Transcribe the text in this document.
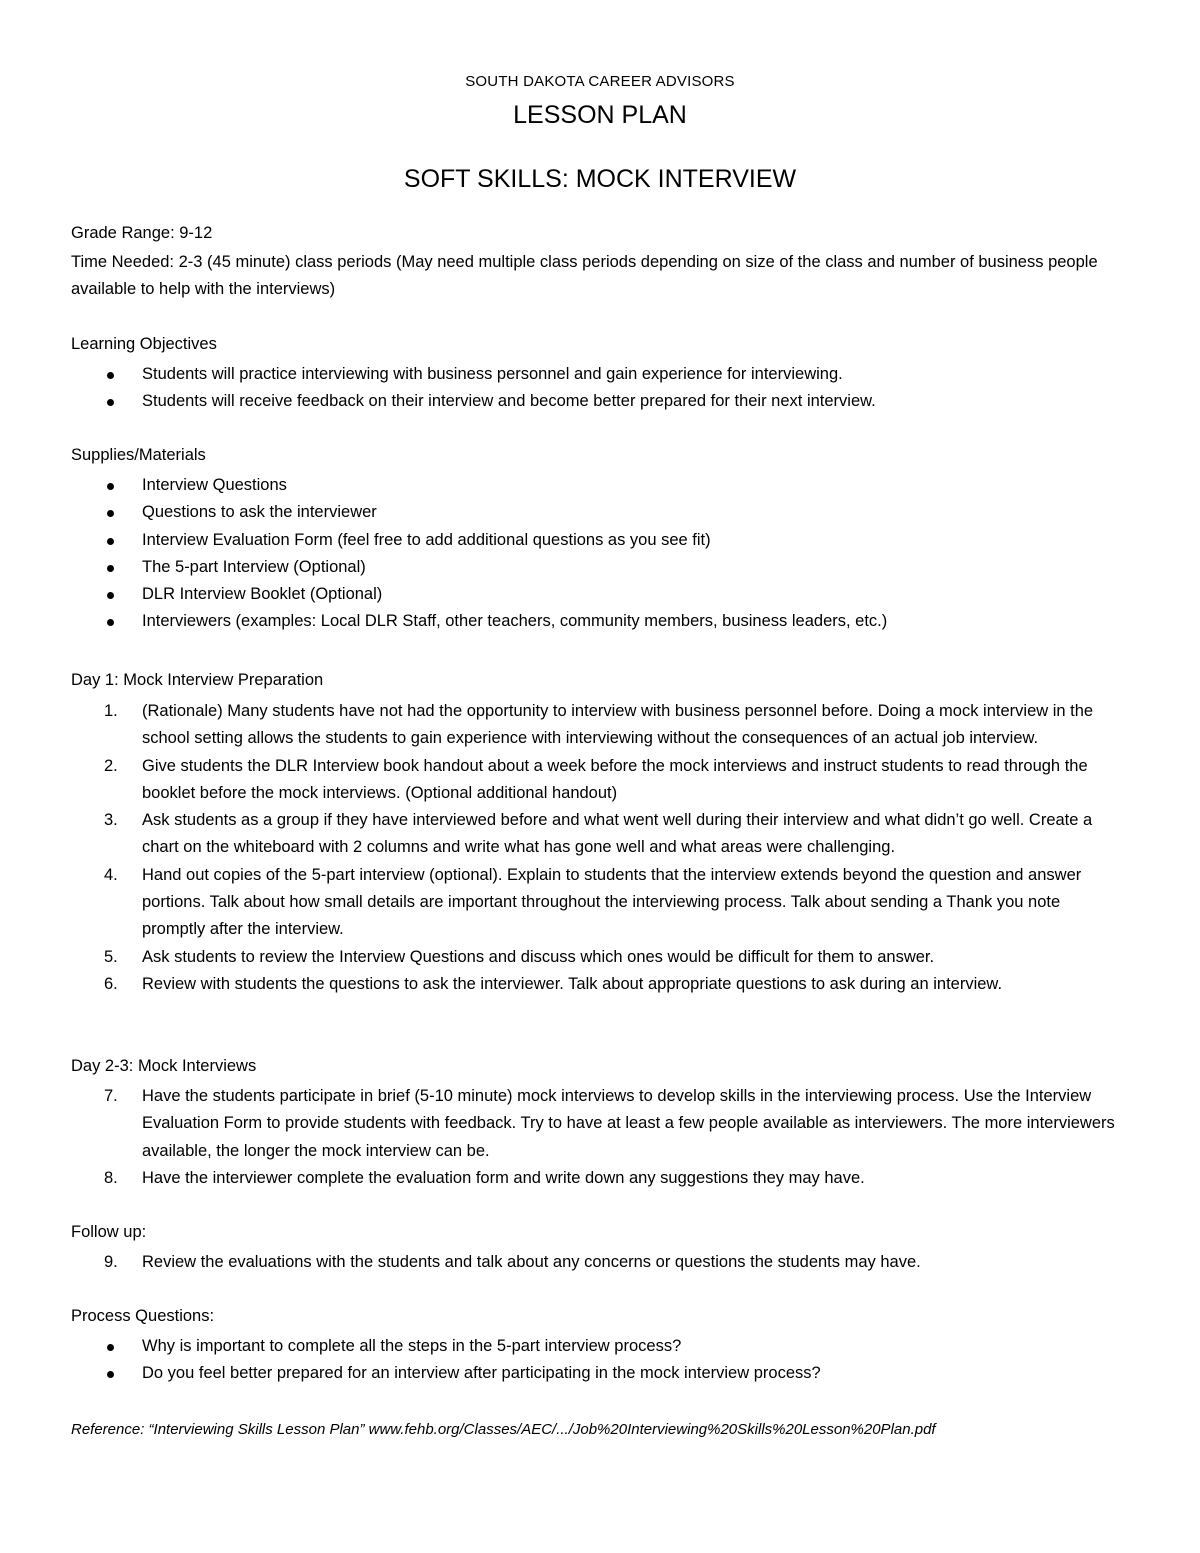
SOUTH DAKOTA CAREER ADVISORS
LESSON PLAN
SOFT SKILLS: MOCK INTERVIEW
Grade Range: 9-12
Time Needed: 2-3 (45 minute) class periods (May need multiple class periods depending on size of the class and number of business people available to help with the interviews)
Learning Objectives
Students will practice interviewing with business personnel and gain experience for interviewing.
Students will receive feedback on their interview and become better prepared for their next interview.
Supplies/Materials
Interview Questions
Questions to ask the interviewer
Interview Evaluation Form (feel free to add additional questions as you see fit)
The 5-part Interview (Optional)
DLR Interview Booklet (Optional)
Interviewers (examples: Local DLR Staff, other teachers, community members, business leaders, etc.)
Day 1: Mock Interview Preparation
1.	(Rationale) Many students have not had the opportunity to interview with business personnel before. Doing a mock interview in the school setting allows the students to gain experience with interviewing without the consequences of an actual job interview.
2.	Give students the DLR Interview book handout about a week before the mock interviews and instruct students to read through the booklet before the mock interviews. (Optional additional handout)
3.	Ask students as a group if they have interviewed before and what went well during their interview and what didn’t go well. Create a chart on the whiteboard with 2 columns and write what has gone well and what areas were challenging.
4.	Hand out copies of the 5-part interview (optional). Explain to students that the interview extends beyond the question and answer portions. Talk about how small details are important throughout the interviewing process. Talk about sending a Thank you note promptly after the interview.
5.	Ask students to review the Interview Questions and discuss which ones would be difficult for them to answer.
6.	Review with students the questions to ask the interviewer. Talk about appropriate questions to ask during an interview.
Day 2-3: Mock Interviews
7.	Have the students participate in brief (5-10 minute) mock interviews to develop skills in the interviewing process. Use the Interview Evaluation Form to provide students with feedback. Try to have at least a few people available as interviewers. The more interviewers available, the longer the mock interview can be.
8.	Have the interviewer complete the evaluation form and write down any suggestions they may have.
Follow up:
9.	Review the evaluations with the students and talk about any concerns or questions the students may have.
Process Questions:
Why is important to complete all the steps in the 5-part interview process?
Do you feel better prepared for an interview after participating in the mock interview process?
Reference: “Interviewing Skills Lesson Plan” www.fehb.org/Classes/AEC/.../Job%20Interviewing%20Skills%20Lesson%20Plan.pdf
